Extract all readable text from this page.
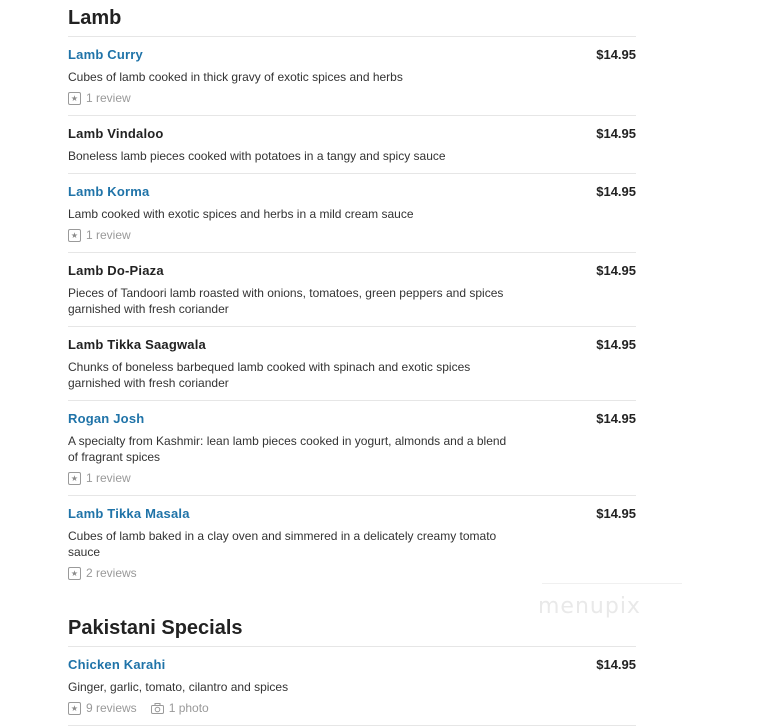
Lamb
Lamb Curry	$14.95
Cubes of lamb cooked in thick gravy of exotic spices and herbs
★ 1 review
Lamb Vindaloo	$14.95
Boneless lamb pieces cooked with potatoes in a tangy and spicy sauce
Lamb Korma	$14.95
Lamb cooked with exotic spices and herbs in a mild cream sauce
★ 1 review
Lamb Do-Piaza	$14.95
Pieces of Tandoori lamb roasted with onions, tomatoes, green peppers and spices garnished with fresh coriander
Lamb Tikka Saagwala	$14.95
Chunks of boneless barbequed lamb cooked with spinach and exotic spices garnished with fresh coriander
Rogan Josh	$14.95
A specialty from Kashmir: lean lamb pieces cooked in yogurt, almonds and a blend of fragrant spices
★ 1 review
Lamb Tikka Masala	$14.95
Cubes of lamb baked in a clay oven and simmered in a delicately creamy tomato sauce
★ 2 reviews
Pakistani Specials
Chicken Karahi	$14.95
Ginger, garlic, tomato, cilantro and spices
★ 9 reviews	1 photo
menupix
